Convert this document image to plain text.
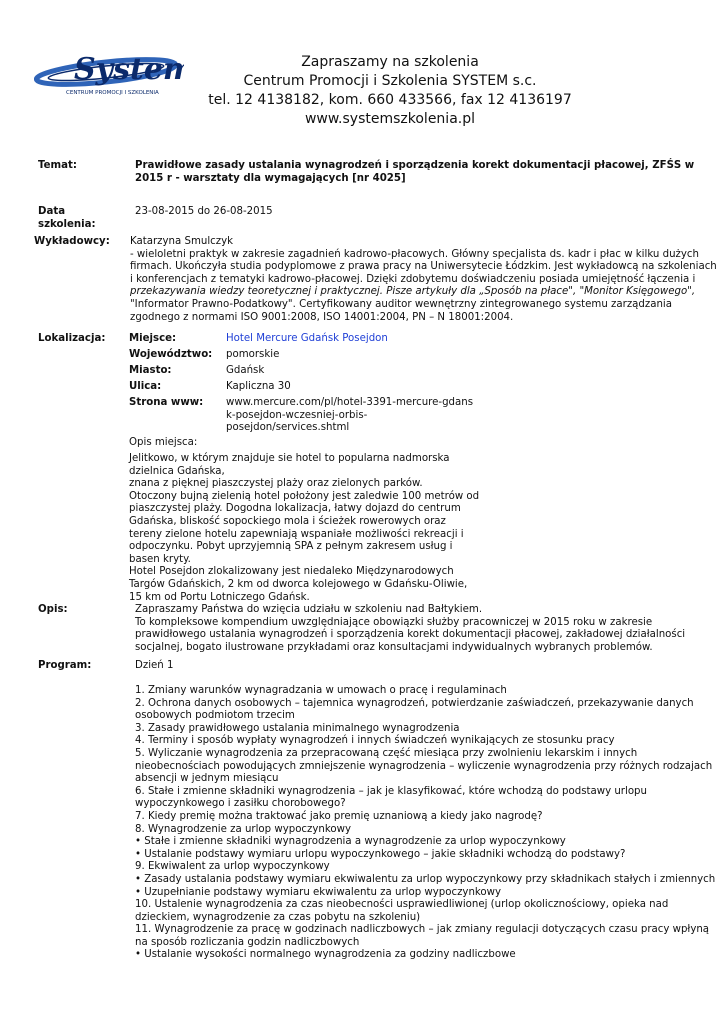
System
CENTRUM PROMOCJI I SZKOLENIA
Zapraszamy na szkolenia
Centrum Promocji i Szkolenia SYSTEM s.c.
tel. 12 4138182, kom. 660 433566, fax 12 4136197
www.systemszkolenia.pl
Temat:	Prawidłowe zasady ustalania wynagrodzeń i sporządzenia korekt dokumentacji płacowej, ZFŚS w
2015 r - warsztaty dla wymagających [nr 4025]
Data
szkolenia:
23-08-2015 do 26-08-2015
Wykładowcy: Katarzyna Smulczyk
- wieloletni praktyk w zakresie zagadnień kadrowo-płacowych. Główny specjalista ds. kadr i płac w kilku dużych
firmach. Ukończyła studia podyplomowe z prawa pracy na Uniwersytecie Łódzkim. Jest wykładowcą na szkoleniach
i konferencjach z tematyki kadrowo-płacowej. Dzięki zdobytemu doświadczeniu posiada umiejętność łączenia i
przekazywania wiedzy teoretycznej i praktycznej. Pisze artykuły dla „Sposób na płace", "Monitor Księgowego",
"Informator Prawno-Podatkowy". Certyfikowany auditor wewnętrzny zintegrowanego systemu zarządzania
zgodnego z normami ISO 9001:2008, ISO 14001:2004, PN – N 18001:2004.
Lokalizacja: Miejsce:	Hotel Mercure Gdańsk Posejdon
Województwo: pomorskie
Miasto:	Gdańsk
Ulica:	Kapliczna 30
Strona www: www.mercure.com/pl/hotel-3391-mercure-gdans
k-posejdon-wczesniej-orbis-
posejdon/services.shtml
Opis miejsca:
Jelitkowo, w którym znajduje sie hotel to popularna nadmorska
dzielnica Gdańska,
znana z pięknej piaszczystej plaży oraz zielonych parków.
Otoczony bujną zielenią hotel położony jest zaledwie 100 metrów od
piaszczystej plaży. Dogodna lokalizacja, łatwy dojazd do centrum
Gdańska, bliskość sopockiego mola i ścieżek rowerowych oraz
tereny zielone hotelu zapewniają wspaniałe możliwości rekreacji i
odpoczynku. Pobyt uprzyjemnią SPA z pełnym zakresem usług i
basen kryty.
Hotel Posejdon zlokalizowany jest niedaleko Międzynarodowych
Targów Gdańskich, 2 km od dworca kolejowego w Gdańsku-Oliwie,
15 km od Portu Lotniczego Gdańsk.
Opis:	Zapraszamy Państwa do wzięcia udziału w szkoleniu nad Bałtykiem.
To kompleksowe kompendium uwzględniające obowiązki służby pracowniczej w 2015 roku w zakresie
prawidłowego ustalania wynagrodzeń i sporządzenia korekt dokumentacji płacowej, zakładowej działalności
socjalnej, bogato ilustrowane przykładami oraz konsultacjami indywidualnych wybranych problemów.
Program:	Dzień 1
1. Zmiany warunków wynagradzania w umowach o pracę i regulaminach
2. Ochrona danych osobowych – tajemnica wynagrodzeń, potwierdzanie zaświadczeń, przekazywanie danych
osobowych podmiotom trzecim
3. Zasady prawidłowego ustalania minimalnego wynagrodzenia
4. Terminy i sposób wypłaty wynagrodzeń i innych świadczeń wynikających ze stosunku pracy
5. Wyliczanie wynagrodzenia za przepracowaną część miesiąca przy zwolnieniu lekarskim i innych
nieobecnościach powodujących zmniejszenie wynagrodzenia – wyliczenie wynagrodzenia przy różnych rodzajach
absencji w jednym miesiącu
6. Stałe i zmienne składniki wynagrodzenia – jak je klasyfikować, które wchodzą do podstawy urlopu
wypoczynkowego i zasiłku chorobowego?
7. Kiedy premię można traktować jako premię uznaniową a kiedy jako nagrodę?
8. Wynagrodzenie za urlop wypoczynkowy
• Stałe i zmienne składniki wynagrodzenia a wynagrodzenie za urlop wypoczynkowy
• Ustalanie podstawy wymiaru urlopu wypoczynkowego – jakie składniki wchodzą do podstawy?
9. Ekwiwalent za urlop wypoczynkowy
• Zasady ustalania podstawy wymiaru ekwiwalentu za urlop wypoczynkowy przy składnikach stałych i zmiennych
• Uzupełnianie podstawy wymiaru ekwiwalentu za urlop wypoczynkowy
10. Ustalenie wynagrodzenia za czas nieobecności usprawiedliwionej (urlop okolicznościowy, opieka nad
dzieckiem, wynagrodzenie za czas pobytu na szkoleniu)
11. Wynagrodzenie za pracę w godzinach nadliczbowych – jak zmiany regulacji dotyczących czasu pracy wpłyną
na sposób rozliczania godzin nadliczbowych
• Ustalanie wysokości normalnego wynagrodzenia za godziny nadliczbowe
